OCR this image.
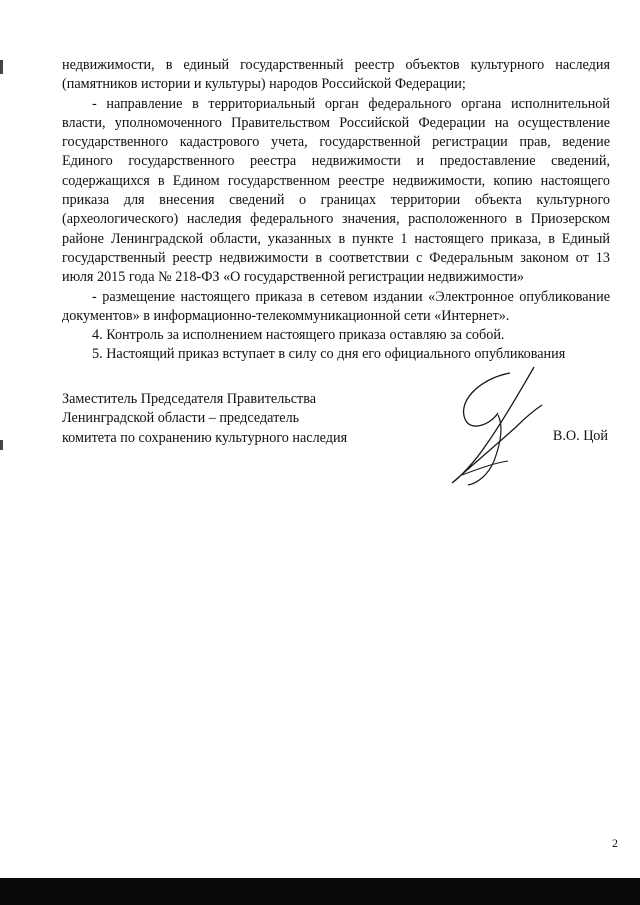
недвижимости, в единый государственный реестр объектов культурного наследия (памятников истории и культуры) народов Российской Федерации;

- направление в территориальный орган федерального органа исполнительной власти, уполномоченного Правительством Российской Федерации на осуществление государственного кадастрового учета, государственной регистрации прав, ведение Единого государственного реестра недвижимости и предоставление сведений, содержащихся в Едином государственном реестре недвижимости, копию настоящего приказа для внесения сведений о границах территории объекта культурного (археологического) наследия федерального значения, расположенного в Приозерском районе Ленинградской области, указанных в пункте 1 настоящего приказа, в Единый государственный реестр недвижимости в соответствии с Федеральным законом от 13 июля 2015 года № 218-ФЗ «О государственной регистрации недвижимости»

- размещение настоящего приказа в сетевом издании «Электронное опубликование документов» в информационно-телекоммуникационной сети «Интернет».

4. Контроль за исполнением настоящего приказа оставляю за собой.

5. Настоящий приказ вступает в силу со дня его официального опубликования

Заместитель Председателя Правительства

Ленинградской области – председатель

комитета по сохранению культурного наследия	В.О. Цой
2
